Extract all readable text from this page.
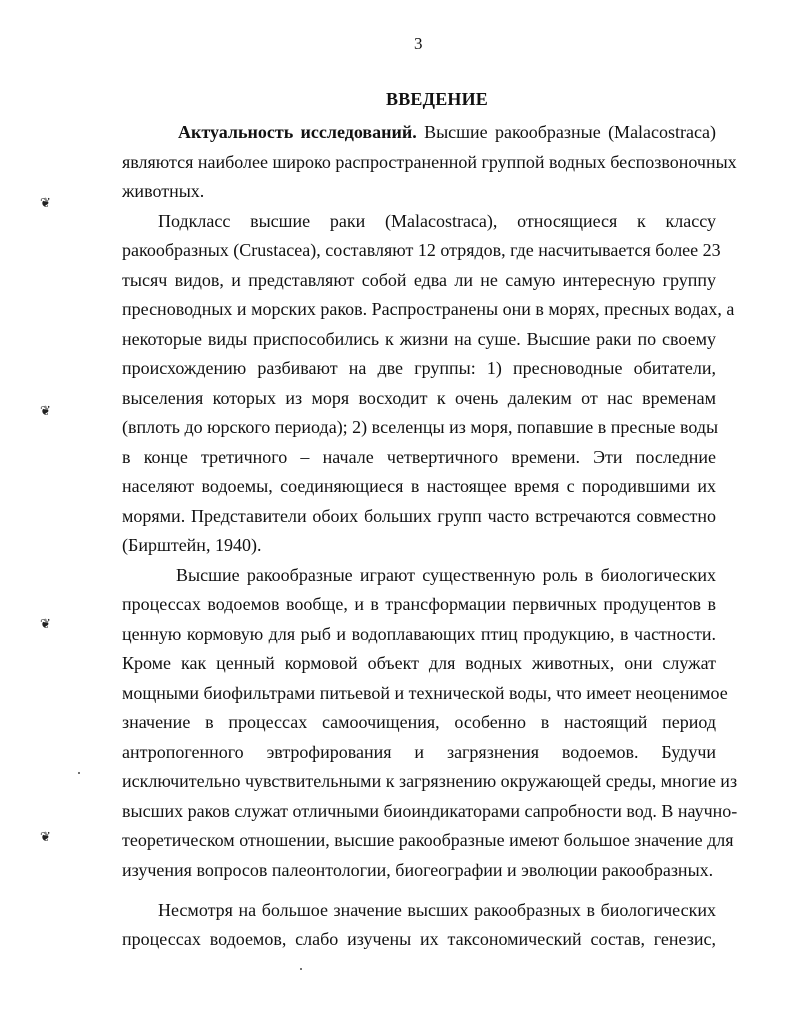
3
ВВЕДЕНИЕ
Актуальность исследований. Высшие ракообразные (Malacostraca)
являются наиболее широко распространенной группой водных беспозвоночных
животных.
Подкласс высшие раки (Malacostraca), относящиеся к классу
ракообразных (Crustacea), составляют 12 отрядов, где насчитывается более 23
тысяч видов, и представляют собой едва ли не самую интересную группу
пресноводных и морских раков. Распространены они в морях, пресных водах, а
некоторые виды приспособились к жизни на суше. Высшие раки по своему
происхождению разбивают на две группы: 1) пресноводные обитатели,
выселения которых из моря восходит к очень далеким от нас временам
(вплоть до юрского периода); 2) вселенцы из моря, попавшие в пресные воды
в конце третичного – начале четвертичного времени. Эти последние
населяют водоемы, соединяющиеся в настоящее время с породившими их
морями. Представители обоих больших групп часто встречаются совместно
(Бирштейн, 1940).
Высшие ракообразные играют существенную роль в биологических
процессах водоемов вообще, и в трансформации первичных продуцентов в
ценную кормовую для рыб и водоплавающих птиц продукцию, в частности.
Кроме как ценный кормовой объект для водных животных, они служат
мощными биофильтрами питьевой и технической воды, что имеет неоценимое
значение в процессах самоочищения, особенно в настоящий период
антропогенного эвтрофирования и загрязнения водоемов. Будучи
исключительно чувствительными к загрязнению окружающей среды, многие из
высших раков служат отличными биоиндикаторами сапробности вод. В научно-
теоретическом отношении, высшие ракообразные имеют большое значение для
изучения вопросов палеонтологии, биогеографии и эволюции ракообразных.
Несмотря на большое значение высших ракообразных в биологических
процессах водоемов, слабо изучены их таксономический состав, генезис,
❦
❦
❦
❦
